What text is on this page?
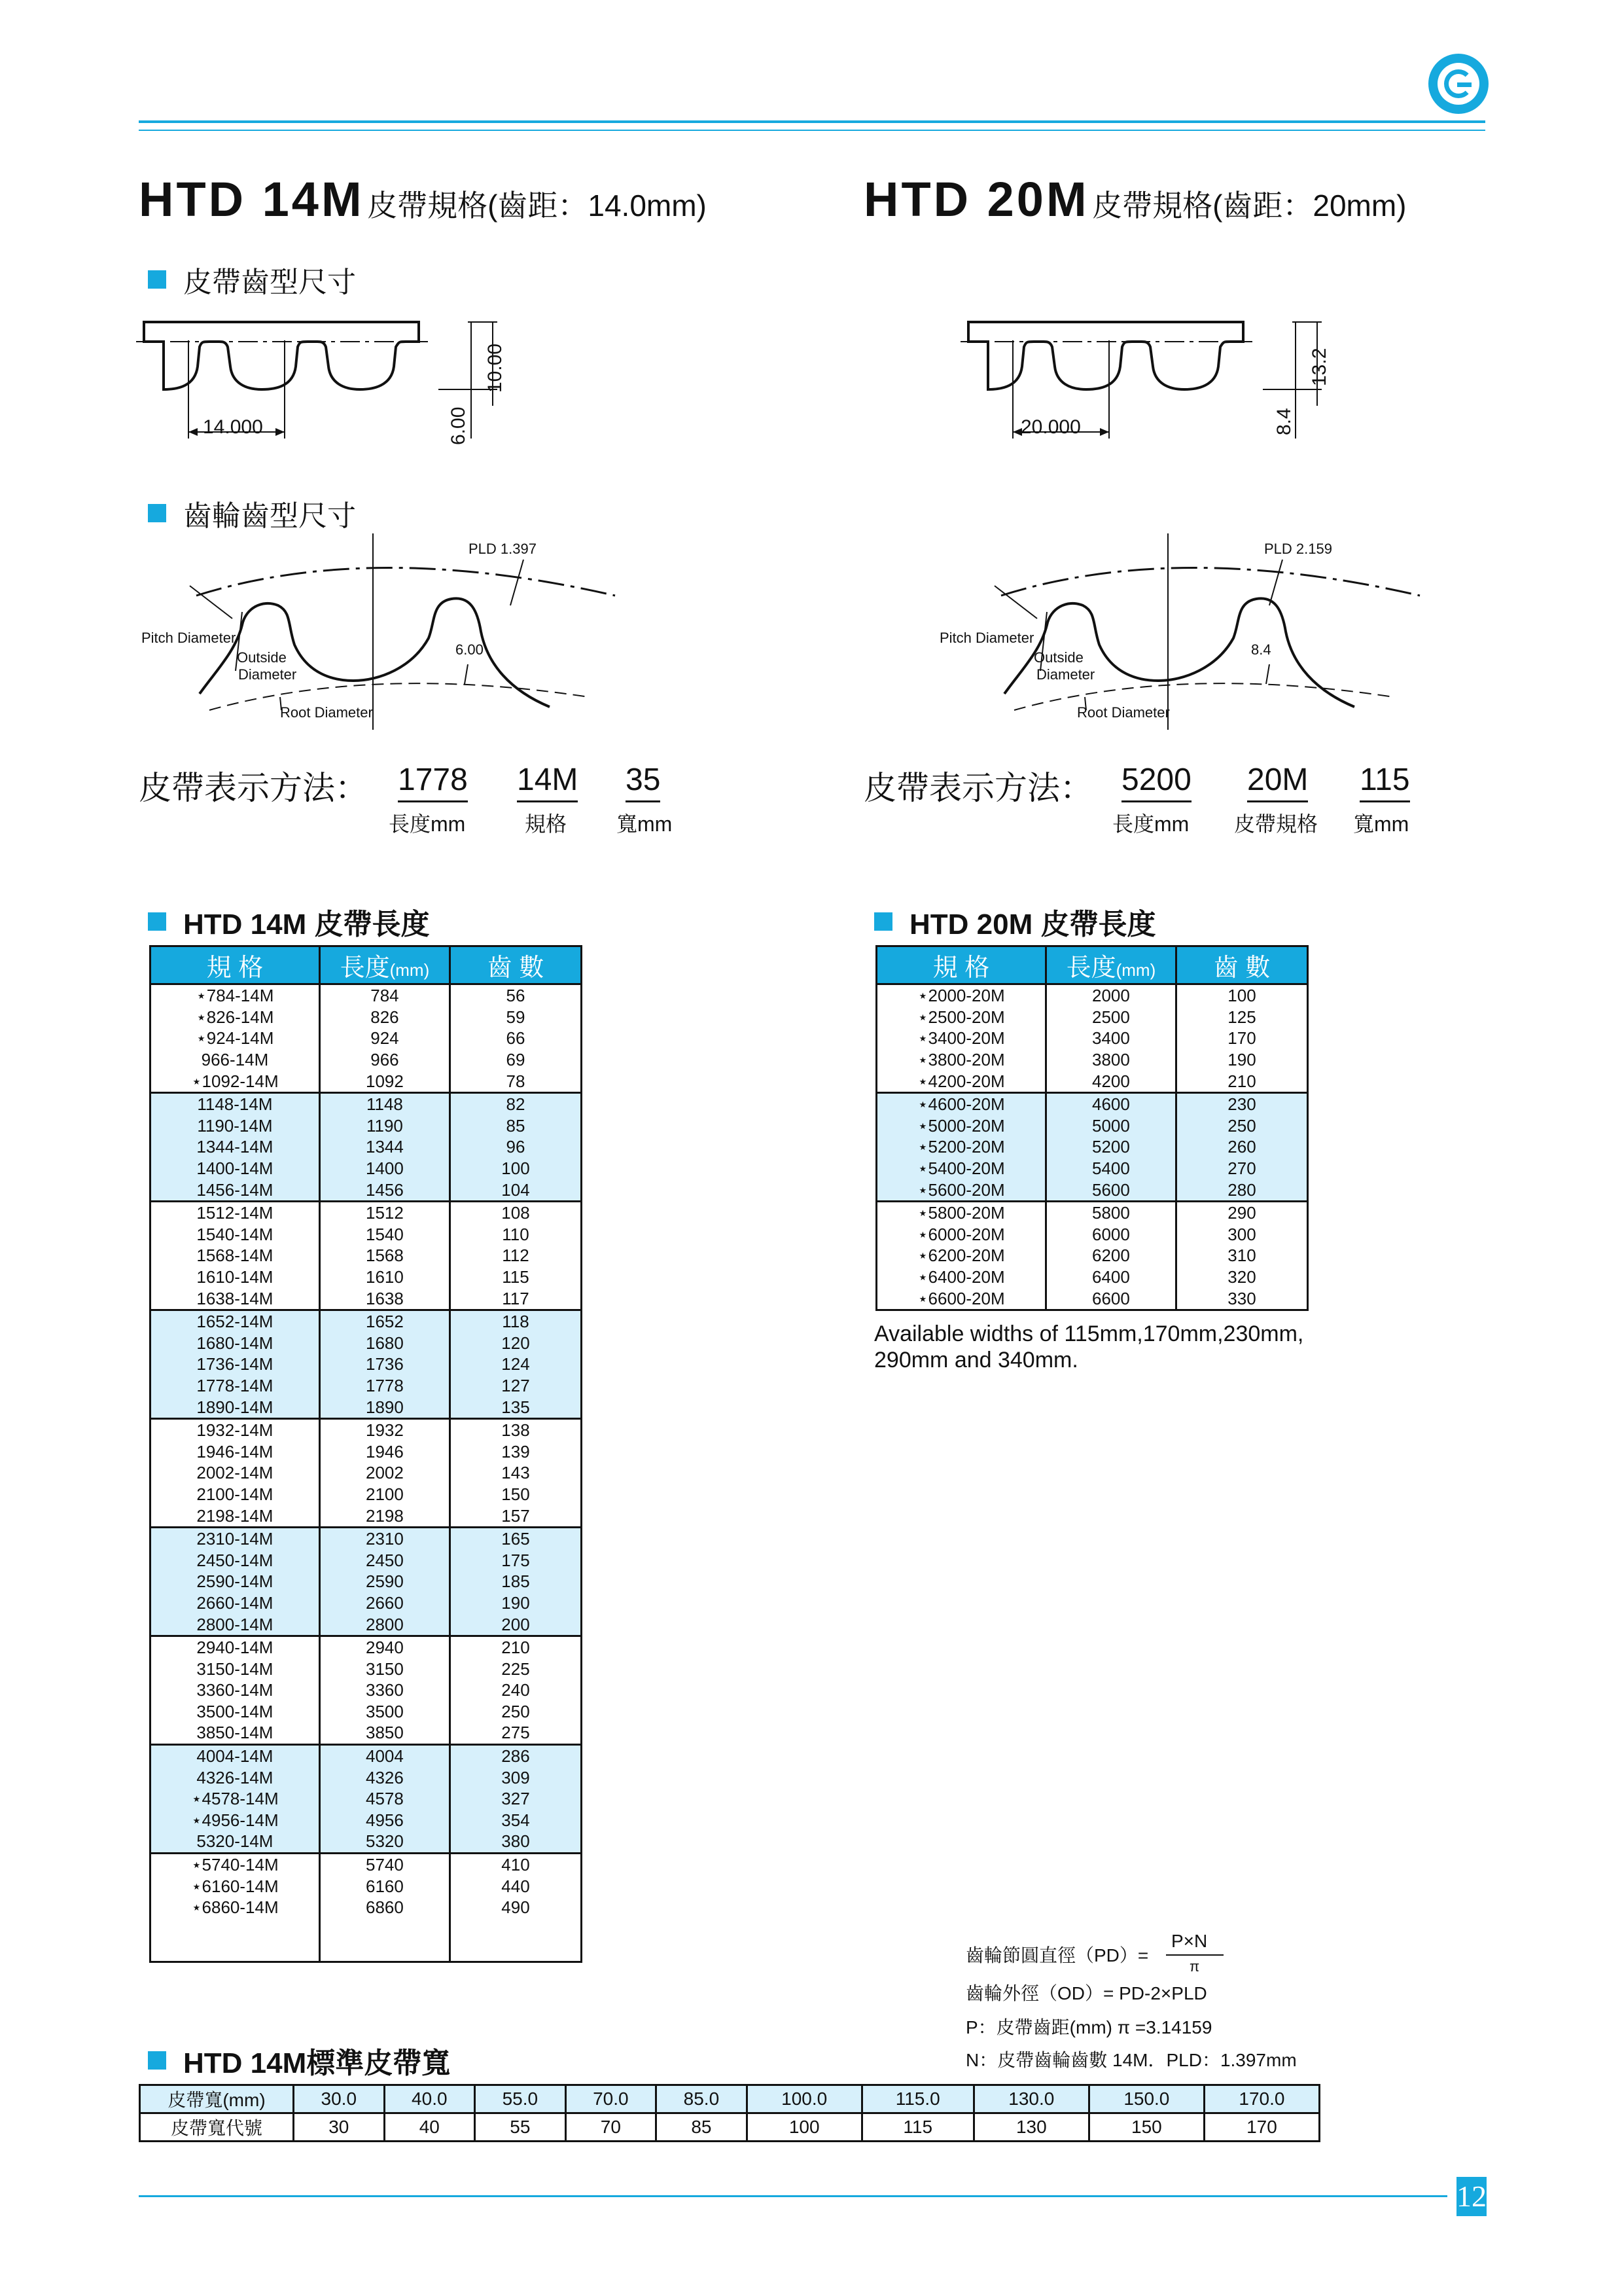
HTD 14M 皮帶規格(齒距：14.0mm)	HTD 20M 皮帶規格(齒距：20mm)
皮帶齒型尺寸
齒輪齒型尺寸
14.000
10.00
6.00	20.000
13.2
8.4
PLD 1.397
6.00
Pitch Diameter
Outside
Diameter
Root Diameter
PLD 2.159
8.4
Pitch Diameter
Outside
Diameter
Root Diameter
皮帶表示方法： 1778 14M 35
長度mm	規格 寬mm
皮帶表示方法： 5200 20M 115
長度mm 皮帶規格 寬mm
HTD 14M 皮帶長度	HTD 20M 皮帶長度
規 格	長度(mm)	齒 數
⋆784-14M	784	56
⋆826-14M	826	59
⋆924-14M	924	66
966-14M	966	69
⋆1092-14M	1092	78
1148-14M	1148	82
1190-14M	1190	85
1344-14M	1344	96
1400-14M	1400	100
1456-14M	1456	104
1512-14M	1512	108
1540-14M	1540	110
1568-14M	1568	112
1610-14M	1610	115
1638-14M	1638	117
1652-14M	1652	118
1680-14M	1680	120
1736-14M	1736	124
1778-14M	1778	127
1890-14M	1890	135
1932-14M	1932	138
1946-14M	1946	139
2002-14M	2002	143
2100-14M	2100	150
2198-14M	2198	157
2310-14M	2310	165
2450-14M	2450	175
2590-14M	2590	185
2660-14M	2660	190
2800-14M	2800	200
2940-14M	2940	210
3150-14M	3150	225
3360-14M	3360	240
3500-14M	3500	250
3850-14M	3850	275
4004-14M	4004	286
4326-14M	4326	309
⋆4578-14M	4578	327
⋆4956-14M	4956	354
5320-14M	5320	380
⋆5740-14M	5740	410
⋆6160-14M	6160	440
⋆6860-14M	6860	490

規 格	長度(mm)	齒 數
⋆2000-20M	2000	100
⋆2500-20M	2500	125
⋆3400-20M	3400	170
⋆3800-20M	3800	190
⋆4200-20M	4200	210
⋆4600-20M	4600	230
⋆5000-20M	5000	250
⋆5200-20M	5200	260
⋆5400-20M	5400	270
⋆5600-20M	5600	280
⋆5800-20M	5800	290
⋆6000-20M	6000	300
⋆6200-20M	6200	310
⋆6400-20M	6400	320
⋆6600-20M	6600	330
Available widths of 115mm,170mm,230mm,
290mm and 340mm.
齒輪節圓直徑（PD）=
P×N
π
齒輪外徑（OD）= PD-2×PLD
P：皮帶齒距(mm) π =3.14159
N：皮帶齒輪齒數 14M．PLD：1.397mm
HTD 14M標準皮帶寬
皮帶寬(mm)	30.0	40.0	55.0	70.0	85.0	100.0	115.0	130.0	150.0	170.0
皮帶寬代號	30	40	55	70	85	100	115	130	150	170
12
